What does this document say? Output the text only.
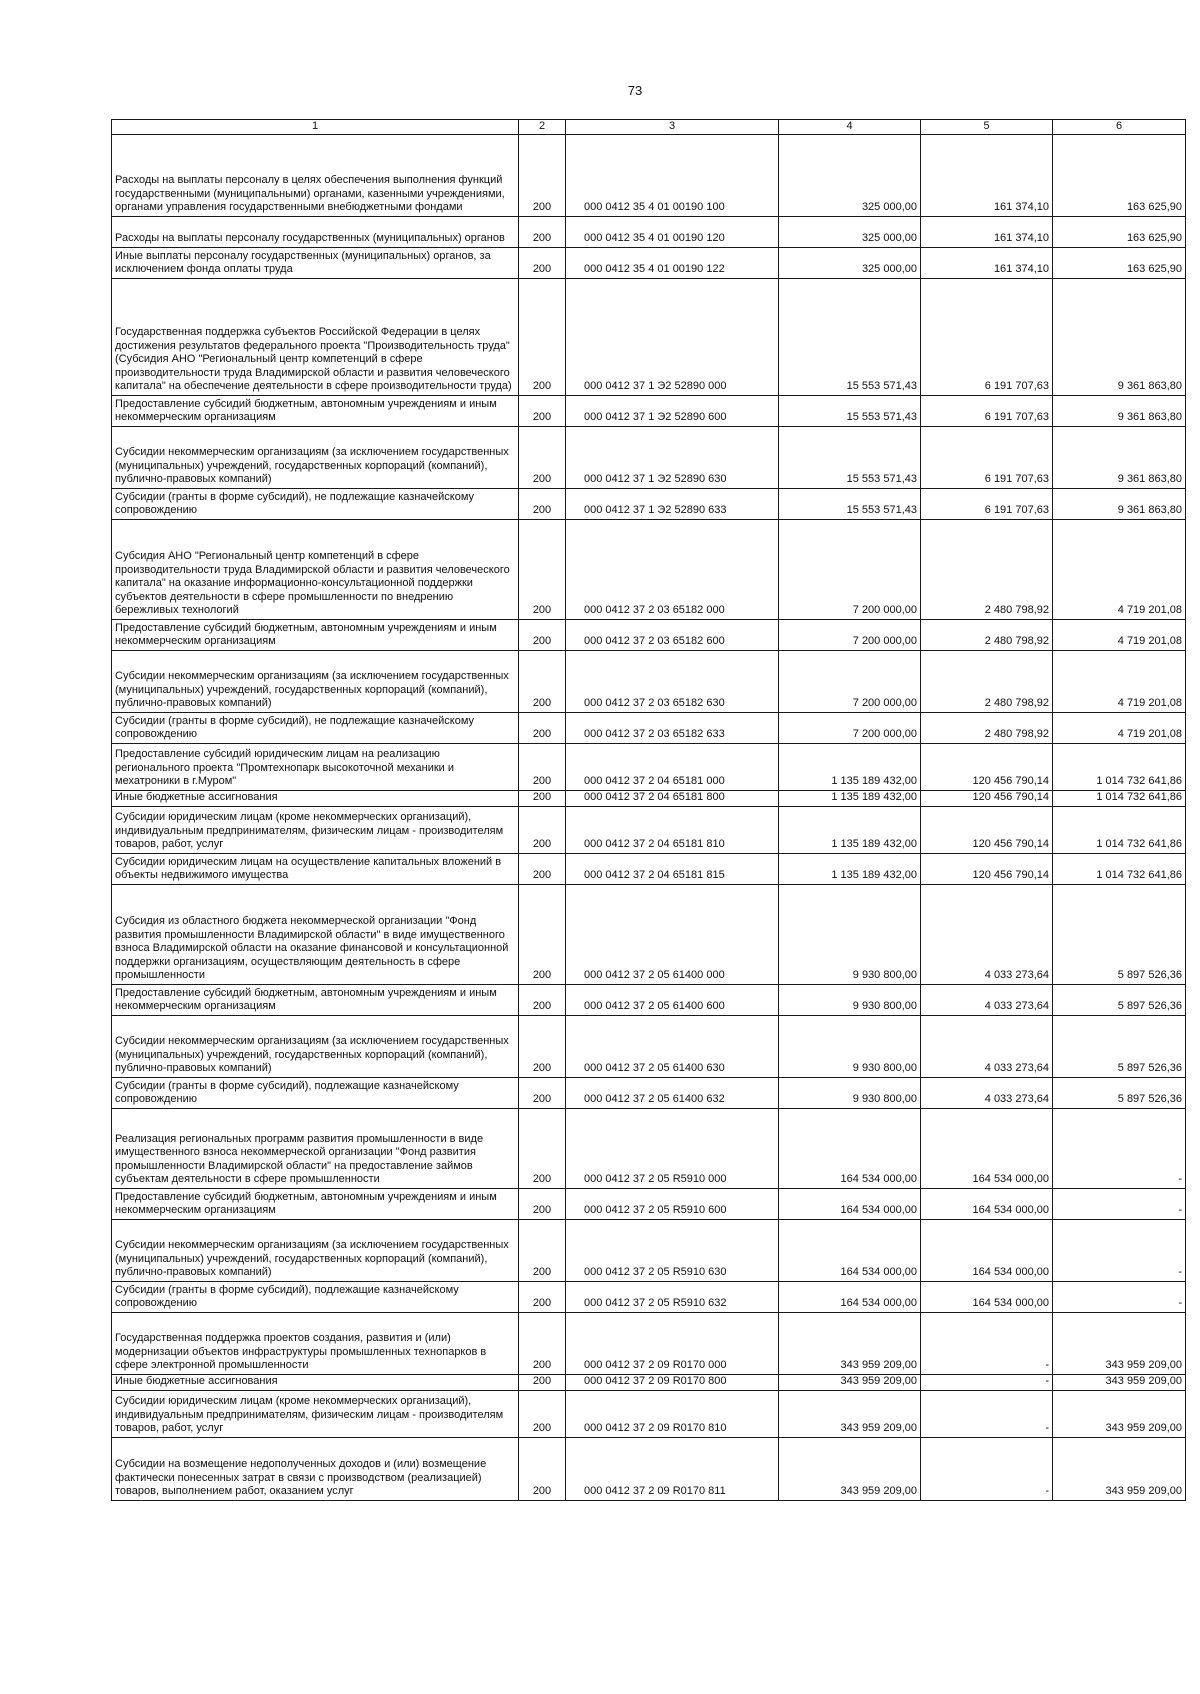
73
1	2	3	4	5	6
Расходы на выплаты персоналу в целях обеспечения выполнения функций государственными (муниципальными) органами, казенными учреждениями, органами управления государственными внебюджетными фондами	200	000 0412 35 4 01 00190 100	325 000,00	161 374,10	163 625,90
Расходы на выплаты персоналу государственных (муниципальных) органов	200	000 0412 35 4 01 00190 120	325 000,00	161 374,10	163 625,90
Иные выплаты персоналу государственных (муниципальных) органов, за исключением фонда оплаты труда	200	000 0412 35 4 01 00190 122	325 000,00	161 374,10	163 625,90
Государственная поддержка субъектов Российской Федерации в целях достижения результатов федерального проекта "Производительность труда" (Субсидия АНО "Региональный центр компетенций в сфере производительности труда Владимирской области и развития человеческого капитала" на обеспечение деятельности в сфере производительности труда)	200	000 0412 37 1 Э2 52890 000	15 553 571,43	6 191 707,63	9 361 863,80
Предоставление субсидий бюджетным, автономным учреждениям и иным некоммерческим организациям	200	000 0412 37 1 Э2 52890 600	15 553 571,43	6 191 707,63	9 361 863,80
Субсидии некоммерческим организациям (за исключением государственных (муниципальных) учреждений, государственных корпораций (компаний), публично-правовых компаний)	200	000 0412 37 1 Э2 52890 630	15 553 571,43	6 191 707,63	9 361 863,80
Субсидии (гранты в форме субсидий), не подлежащие казначейскому сопровождению	200	000 0412 37 1 Э2 52890 633	15 553 571,43	6 191 707,63	9 361 863,80
Субсидия АНО "Региональный центр компетенций в сфере производительности труда Владимирской области и развития человеческого капитала" на оказание информационно-консультационной поддержки субъектов деятельности в сфере промышленности по внедрению бережливых технологий	200	000 0412 37 2 03 65182 000	7 200 000,00	2 480 798,92	4 719 201,08
Предоставление субсидий бюджетным, автономным учреждениям и иным некоммерческим организациям	200	000 0412 37 2 03 65182 600	7 200 000,00	2 480 798,92	4 719 201,08
Субсидии некоммерческим организациям (за исключением государственных (муниципальных) учреждений, государственных корпораций (компаний), публично-правовых компаний)	200	000 0412 37 2 03 65182 630	7 200 000,00	2 480 798,92	4 719 201,08
Субсидии (гранты в форме субсидий), не подлежащие казначейскому сопровождению	200	000 0412 37 2 03 65182 633	7 200 000,00	2 480 798,92	4 719 201,08
Предоставление субсидий юридическим лицам на реализацию регионального проекта "Промтехнопарк высокоточной механики и мехатроники в г.Муром"	200	000 0412 37 2 04 65181 000	1 135 189 432,00	120 456 790,14	1 014 732 641,86
Иные бюджетные ассигнования	200	000 0412 37 2 04 65181 800	1 135 189 432,00	120 456 790,14	1 014 732 641,86
Субсидии юридическим лицам (кроме некоммерческих организаций), индивидуальным предпринимателям, физическим лицам - производителям товаров, работ, услуг	200	000 0412 37 2 04 65181 810	1 135 189 432,00	120 456 790,14	1 014 732 641,86
Субсидии юридическим лицам на осуществление капитальных вложений в объекты недвижимого имущества	200	000 0412 37 2 04 65181 815	1 135 189 432,00	120 456 790,14	1 014 732 641,86
Субсидия из областного бюджета некоммерческой организации "Фонд развития промышленности Владимирской области" в виде имущественного взноса Владимирской области на оказание финансовой и консультационной поддержки организациям, осуществляющим деятельность в сфере промышленности	200	000 0412 37 2 05 61400 000	9 930 800,00	4 033 273,64	5 897 526,36
Предоставление субсидий бюджетным, автономным учреждениям и иным некоммерческим организациям	200	000 0412 37 2 05 61400 600	9 930 800,00	4 033 273,64	5 897 526,36
Субсидии некоммерческим организациям (за исключением государственных (муниципальных) учреждений, государственных корпораций (компаний), публично-правовых компаний)	200	000 0412 37 2 05 61400 630	9 930 800,00	4 033 273,64	5 897 526,36
Субсидии (гранты в форме субсидий), подлежащие казначейскому сопровождению	200	000 0412 37 2 05 61400 632	9 930 800,00	4 033 273,64	5 897 526,36
Реализация региональных программ развития промышленности в виде имущественного взноса некоммерческой организации "Фонд развития промышленности Владимирской области" на предоставление займов субъектам деятельности в сфере промышленности	200	000 0412 37 2 05 R5910 000	164 534 000,00	164 534 000,00	-
Предоставление субсидий бюджетным, автономным учреждениям и иным некоммерческим организациям	200	000 0412 37 2 05 R5910 600	164 534 000,00	164 534 000,00	-
Субсидии некоммерческим организациям (за исключением государственных (муниципальных) учреждений, государственных корпораций (компаний), публично-правовых компаний)	200	000 0412 37 2 05 R5910 630	164 534 000,00	164 534 000,00	-
Субсидии (гранты в форме субсидий), подлежащие казначейскому сопровождению	200	000 0412 37 2 05 R5910 632	164 534 000,00	164 534 000,00	-
Государственная поддержка проектов создания, развития и (или) модернизации объектов инфраструктуры промышленных технопарков в сфере электронной промышленности	200	000 0412 37 2 09 R0170 000	343 959 209,00	-	343 959 209,00
Иные бюджетные ассигнования	200	000 0412 37 2 09 R0170 800	343 959 209,00	-	343 959 209,00
Субсидии юридическим лицам (кроме некоммерческих организаций), индивидуальным предпринимателям, физическим лицам - производителям товаров, работ, услуг	200	000 0412 37 2 09 R0170 810	343 959 209,00	-	343 959 209,00
Субсидии на возмещение недополученных доходов и (или) возмещение фактически понесенных затрат в связи с производством (реализацией) товаров, выполнением работ, оказанием услуг	200	000 0412 37 2 09 R0170 811	343 959 209,00	-	343 959 209,00
